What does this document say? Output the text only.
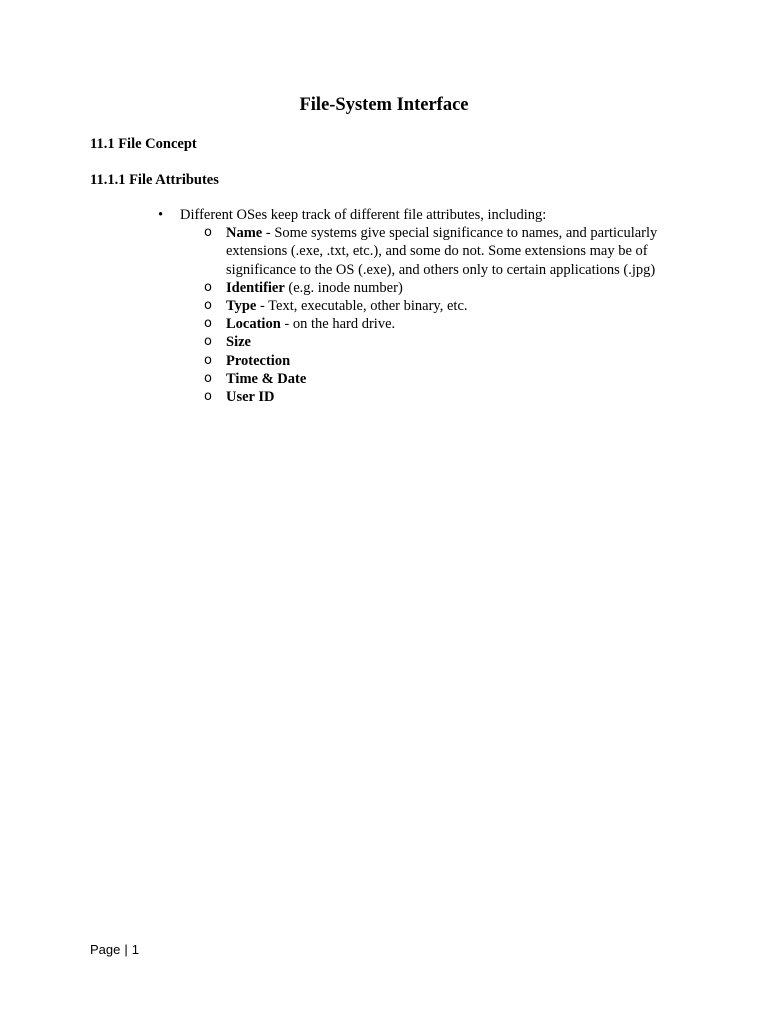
File-System Interface
11.1 File Concept
11.1.1 File Attributes
•	Different OSes keep track of different file attributes, including:
o Name - Some systems give special significance to names, and particularly extensions (.exe, .txt, etc.), and some do not. Some extensions may be of significance to the OS (.exe), and others only to certain applications (.jpg)
o Identifier (e.g. inode number)
o Type - Text, executable, other binary, etc.
o Location - on the hard drive.
o Size
o Protection
o Time & Date
o User ID
Page | 1
